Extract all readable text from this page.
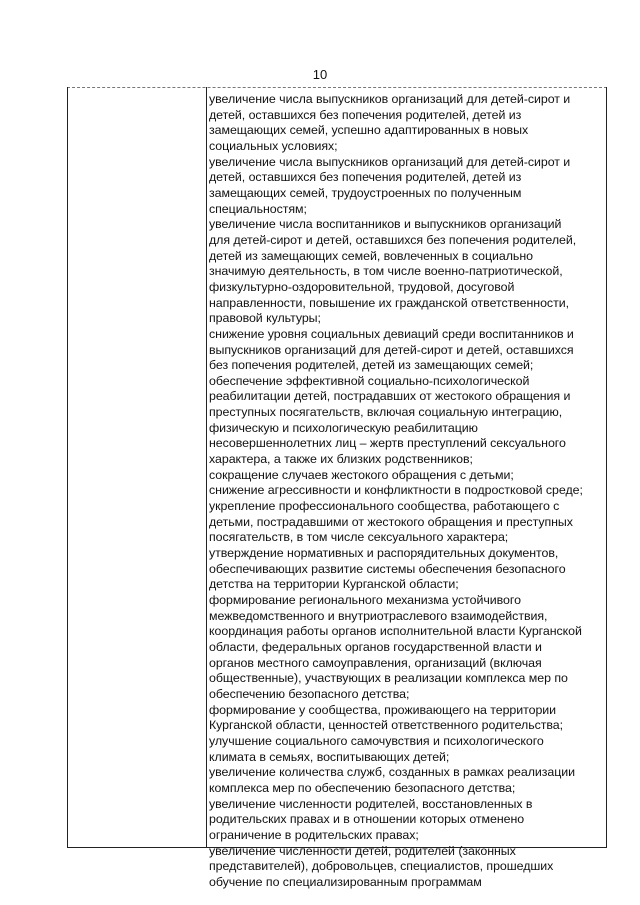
10
увеличение числа выпускников организаций для детей-сирот и
детей, оставшихся без попечения родителей, детей из
замещающих семей, успешно адаптированных в новых
социальных условиях;
увеличение числа выпускников организаций для детей-сирот и
детей, оставшихся без попечения родителей, детей из
замещающих семей, трудоустроенных по полученным
специальностям;
увеличение числа воспитанников и выпускников организаций
для детей-сирот и детей, оставшихся без попечения родителей,
детей из замещающих семей, вовлеченных в социально
значимую деятельность, в том числе военно-патриотической,
физкультурно-оздоровительной, трудовой, досуговой
направленности, повышение их гражданской ответственности,
правовой культуры;
снижение уровня социальных девиаций среди воспитанников и
выпускников организаций для детей-сирот и детей, оставшихся
без попечения родителей, детей из замещающих семей;
обеспечение эффективной социально-психологической
реабилитации детей, пострадавших от жестокого обращения и
преступных посягательств, включая социальную интеграцию,
физическую и психологическую реабилитацию
несовершеннолетних лиц – жертв преступлений сексуального
характера, а также их близких родственников;
сокращение случаев жестокого обращения с детьми;
снижение агрессивности и конфликтности в подростковой среде;
укрепление профессионального сообщества, работающего с
детьми, пострадавшими от жестокого обращения и преступных
посягательств, в том числе сексуального характера;
утверждение нормативных и распорядительных документов,
обеспечивающих развитие системы обеспечения безопасного
детства на территории Курганской области;
формирование регионального механизма устойчивого
межведомственного и внутриотраслевого взаимодействия,
координация работы органов исполнительной власти Курганской
области, федеральных органов государственной власти и
органов местного самоуправления, организаций (включая
общественные), участвующих в реализации комплекса мер по
обеспечению безопасного детства;
формирование у сообщества, проживающего на территории
Курганской области, ценностей ответственного родительства;
улучшение социального самочувствия и психологического
климата в семьях, воспитывающих детей;
увеличение количества служб, созданных в рамках реализации
комплекса мер по обеспечению безопасного детства;
увеличение численности родителей, восстановленных в
родительских правах и в отношении которых отменено
ограничение в родительских правах;
увеличение численности детей, родителей (законных
представителей), добровольцев, специалистов, прошедших
обучение по специализированным программам
